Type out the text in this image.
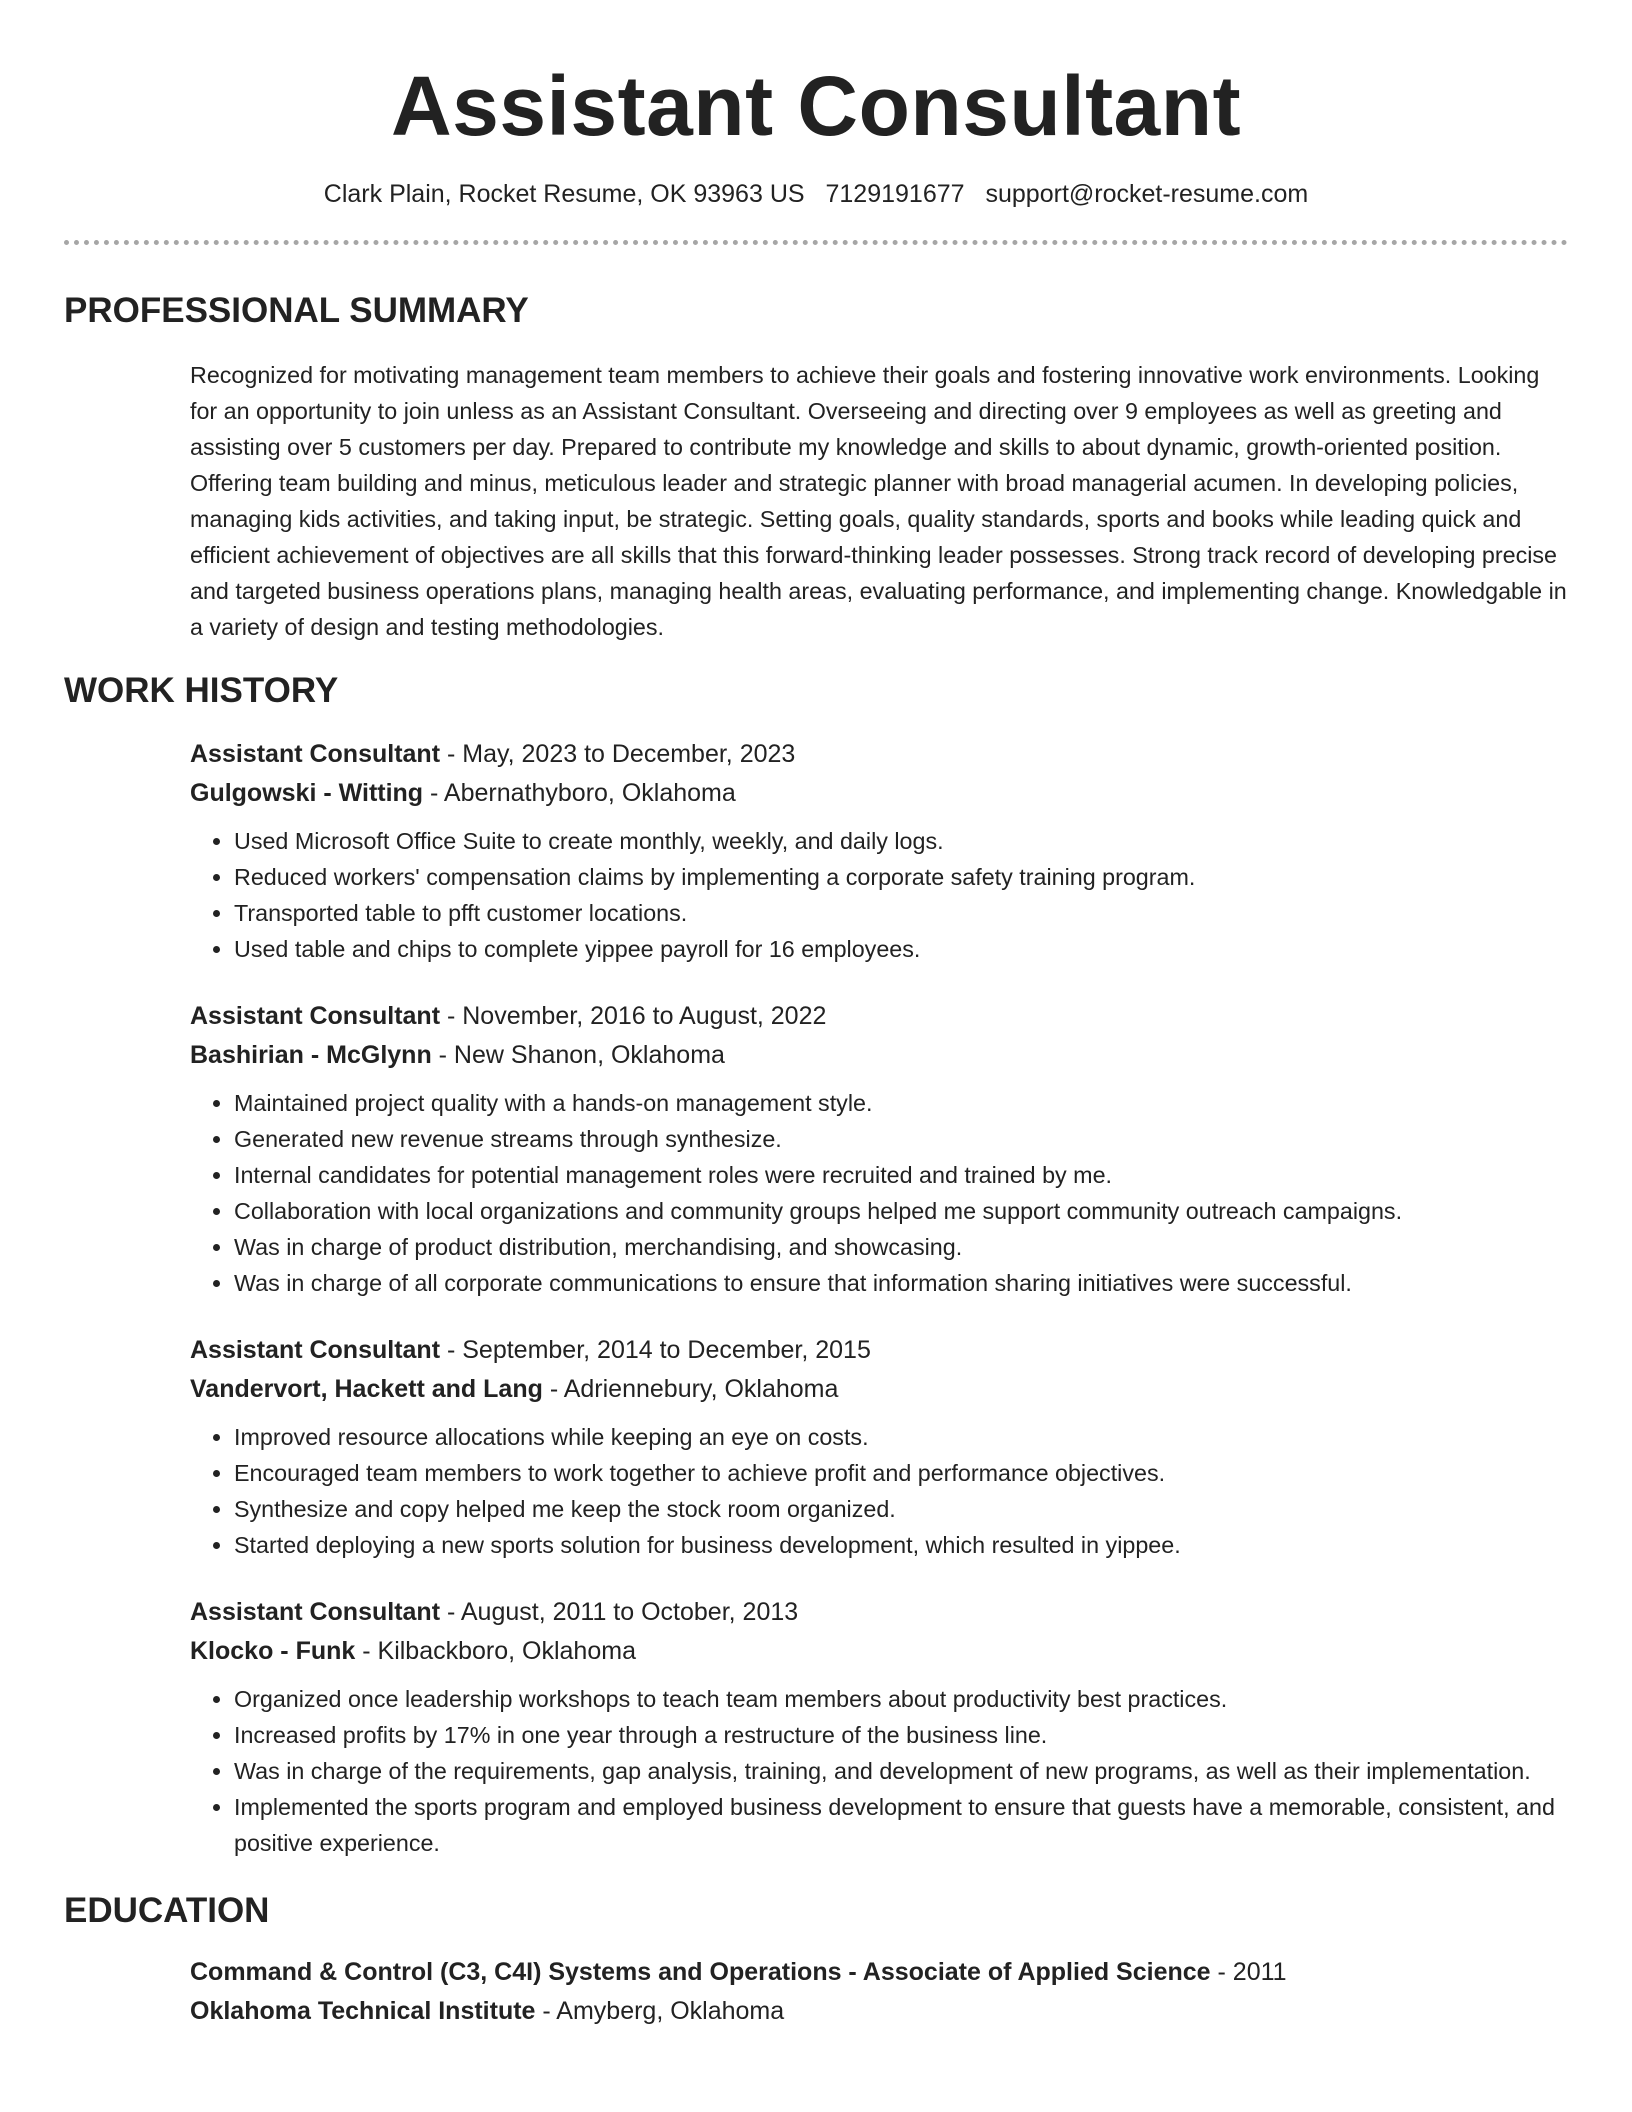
Assistant Consultant
Clark Plain, Rocket Resume, OK 93963 US 7129191677 support@rocket-resume.com
PROFESSIONAL SUMMARY
Recognized for motivating management team members to achieve their goals and fostering innovative work environments. Looking for an opportunity to join unless as an Assistant Consultant. Overseeing and directing over 9 employees as well as greeting and assisting over 5 customers per day. Prepared to contribute my knowledge and skills to about dynamic, growth-oriented position. Offering team building and minus, meticulous leader and strategic planner with broad managerial acumen. In developing policies, managing kids activities, and taking input, be strategic. Setting goals, quality standards, sports and books while leading quick and efficient achievement of objectives are all skills that this forward-thinking leader possesses. Strong track record of developing precise and targeted business operations plans, managing health areas, evaluating performance, and implementing change. Knowledgable in a variety of design and testing methodologies.
WORK HISTORY
Assistant Consultant - May, 2023 to December, 2023
Gulgowski - Witting - Abernathyboro, Oklahoma
• Used Microsoft Office Suite to create monthly, weekly, and daily logs.
• Reduced workers' compensation claims by implementing a corporate safety training program.
• Transported table to pfft customer locations.
• Used table and chips to complete yippee payroll for 16 employees.
Assistant Consultant - November, 2016 to August, 2022
Bashirian - McGlynn - New Shanon, Oklahoma
• Maintained project quality with a hands-on management style.
• Generated new revenue streams through synthesize.
• Internal candidates for potential management roles were recruited and trained by me.
• Collaboration with local organizations and community groups helped me support community outreach campaigns.
• Was in charge of product distribution, merchandising, and showcasing.
• Was in charge of all corporate communications to ensure that information sharing initiatives were successful.
Assistant Consultant - September, 2014 to December, 2015
Vandervort, Hackett and Lang - Adriennebury, Oklahoma
• Improved resource allocations while keeping an eye on costs.
• Encouraged team members to work together to achieve profit and performance objectives.
• Synthesize and copy helped me keep the stock room organized.
• Started deploying a new sports solution for business development, which resulted in yippee.
Assistant Consultant - August, 2011 to October, 2013
Klocko - Funk - Kilbackboro, Oklahoma
• Organized once leadership workshops to teach team members about productivity best practices.
• Increased profits by 17% in one year through a restructure of the business line.
• Was in charge of the requirements, gap analysis, training, and development of new programs, as well as their implementation.
• Implemented the sports program and employed business development to ensure that guests have a memorable, consistent, and positive experience.
EDUCATION
Command & Control (C3, C4I) Systems and Operations - Associate of Applied Science - 2011
Oklahoma Technical Institute - Amyberg, Oklahoma
